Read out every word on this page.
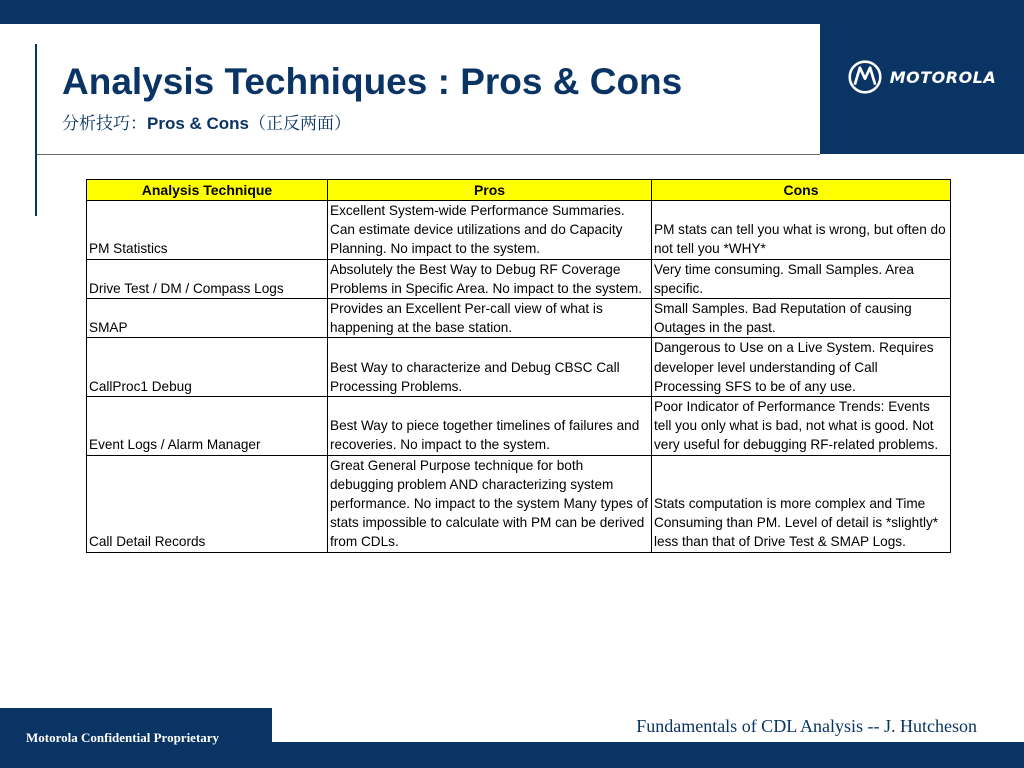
MOTOROLA
Analysis Techniques : Pros & Cons
分析技巧：Pros & Cons（正反两面）
Analysis Technique	Pros	Cons
PM Statistics	Excellent System-wide Performance Summaries. Can estimate device utilizations and do Capacity Planning. No impact to the system.	PM stats can tell you what is wrong, but often do not tell you *WHY*
Drive Test / DM / Compass Logs	Absolutely the Best Way to Debug RF Coverage Problems in Specific Area. No impact to the system.	Very time consuming. Small Samples. Area specific.
SMAP	Provides an Excellent Per-call view of what is happening at the base station.	Small Samples. Bad Reputation of causing Outages in the past.
CallProc1 Debug	Best Way to characterize and Debug CBSC Call Processing Problems.	Dangerous to Use on a Live System. Requires developer level understanding of Call Processing SFS to be of any use.
Event Logs / Alarm Manager	Best Way to piece together timelines of failures and recoveries. No impact to the system.	Poor Indicator of Performance Trends: Events tell you only what is bad, not what is good. Not very useful for debugging RF-related problems.
Call Detail Records	Great General Purpose technique for both debugging problem AND characterizing system performance. No impact to the system Many types of stats impossible to calculate with PM can be derived from CDLs.	Stats computation is more complex and Time Consuming than PM. Level of detail is *slightly* less than that of Drive Test & SMAP Logs.
Motorola Confidential Proprietary
Fundamentals of CDL Analysis -- J. Hutcheson
